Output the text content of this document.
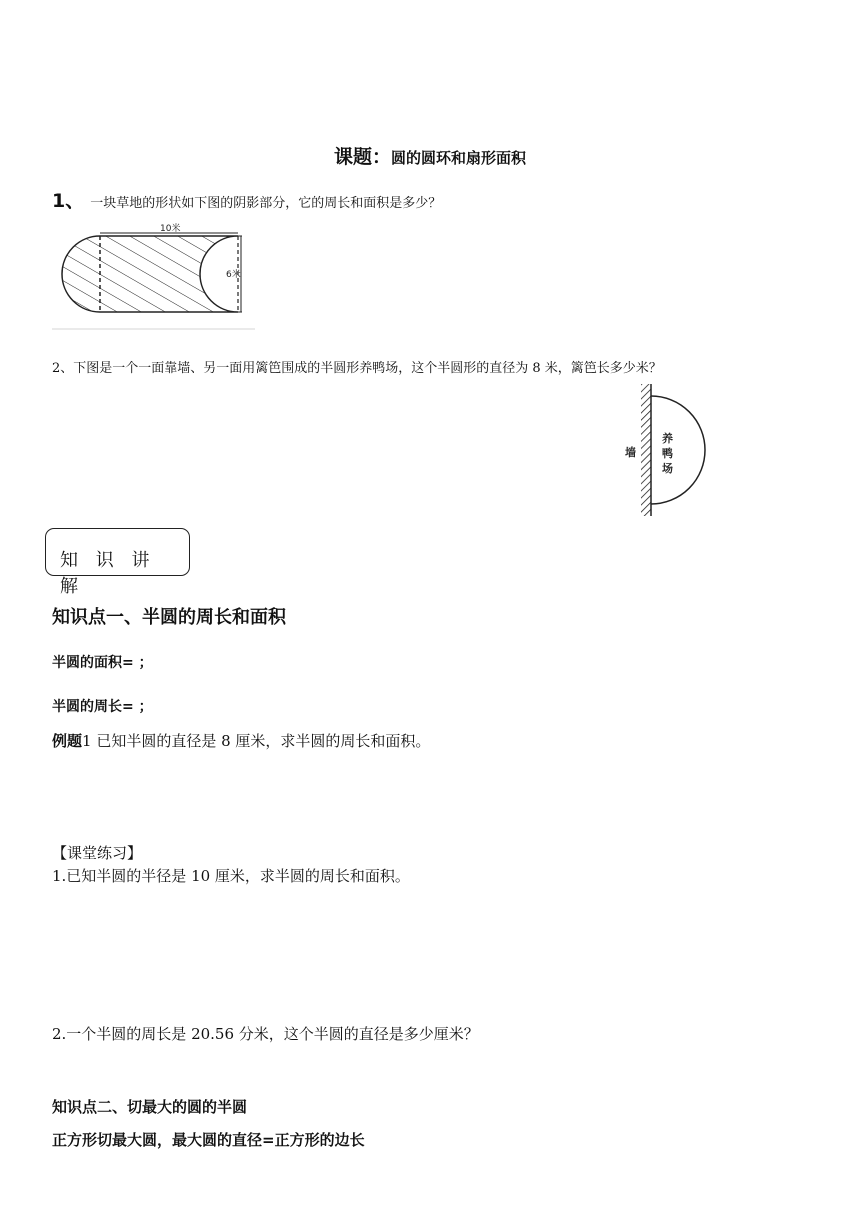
课题：圆的圆环和扇形面积
1、 一块草地的形状如下图的阴影部分，它的周长和面积是多少？
10米
6米
2、下图是一个一面靠墙、另一面用篱笆围成的半圆形养鸭场，这个半圆形的直径为 8 米，篱笆长多少米？
墙
养
鸭
场
知 识 讲 解
知识点一、半圆的周长和面积
半圆的面积= ；
半圆的周长= ；
例题1 已知半圆的直径是 8 厘米，求半圆的周长和面积。
【课堂练习】
1.已知半圆的半径是 10 厘米，求半圆的周长和面积。
2.一个半圆的周长是 20.56 分米，这个半圆的直径是多少厘米？
知识点二、切最大的圆的半圆
正方形切最大圆，最大圆的直径=正方形的边长
